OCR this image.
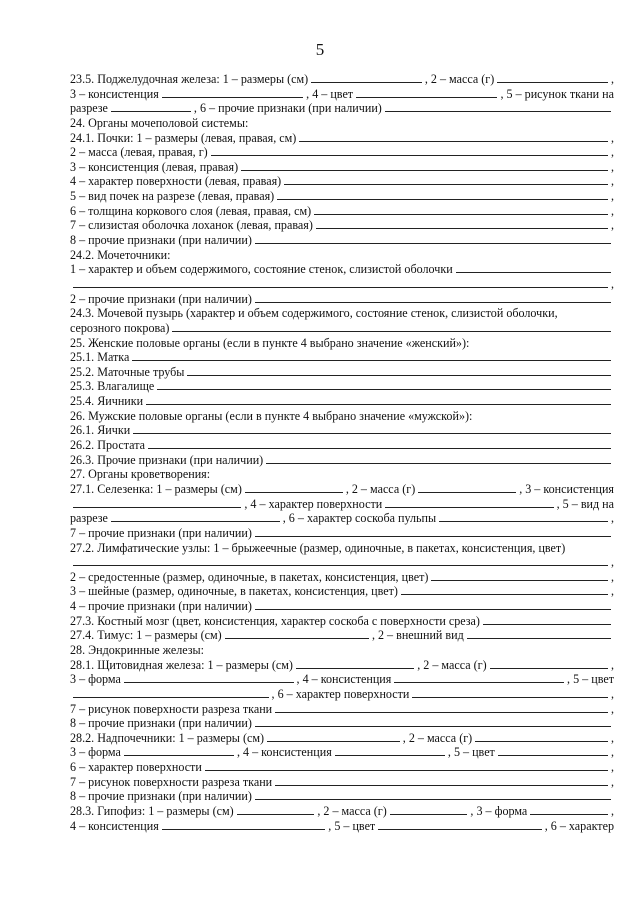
5
23.5. Поджелудочная железа: 1 – размеры (см)	, 2 – масса (г)	,
3 – консистенция	, 4 – цвет	, 5 – рисунок ткани на
разрезе	, 6 – прочие признаки (при наличии)
24. Органы мочеполовой системы:
24.1. Почки: 1 – размеры (левая, правая, см)	,
2 – масса (левая, правая, г)	,
3 – консистенция (левая, правая)	,
4 – характер поверхности (левая, правая)	,
5 – вид почек на разрезе (левая, правая)	,
6 – толщина коркового слоя (левая, правая, см)	,
7 – слизистая оболочка лоханок (левая, правая)	,
8 – прочие признаки (при наличии)
24.2. Мочеточники:
1 – характер и объем содержимого, состояние стенок, слизистой оболочки
,
2 – прочие признаки (при наличии)
24.3. Мочевой пузырь (характер и объем содержимого, состояние стенок, слизистой оболочки,
серозного покрова)
25. Женские половые органы (если в пункте 4 выбрано значение «женский»):
25.1. Матка
25.2. Маточные трубы
25.3. Влагалище
25.4. Яичники
26. Мужские половые органы (если в пункте 4 выбрано значение «мужской»):
26.1. Яички
26.2. Простата
26.3. Прочие признаки (при наличии)
27. Органы кроветворения:
27.1. Селезенка: 1 – размеры (см)	, 2 – масса (г)	, 3 – консистенция
, 4 – характер поверхности	, 5 – вид на
разрезе	, 6 – характер соскоба пульпы	,
7 – прочие признаки (при наличии)
27.2. Лимфатические узлы: 1 – брыжеечные (размер, одиночные, в пакетах, консистенция, цвет)
,
2 – средостенные (размер, одиночные, в пакетах, консистенция, цвет)	,
3 – шейные (размер, одиночные, в пакетах, консистенция, цвет)	,
4 – прочие признаки (при наличии)
27.3. Костный мозг (цвет, консистенция, характер соскоба с поверхности среза)
27.4. Тимус: 1 – размеры (см)	, 2 – внешний вид
28. Эндокринные железы:
28.1. Щитовидная железа: 1 – размеры (см)	, 2 – масса (г)	,
3 – форма	, 4 – консистенция	, 5 – цвет
, 6 – характер поверхности	,
7 – рисунок поверхности разреза ткани	,
8 – прочие признаки (при наличии)
28.2. Надпочечники: 1 – размеры (см)	, 2 – масса (г)	,
3 – форма	, 4 – консистенция	, 5 – цвет	,
6 – характер поверхности	,
7 – рисунок поверхности разреза ткани	,
8 – прочие признаки (при наличии)
28.3. Гипофиз: 1 – размеры (см)	, 2 – масса (г)	, 3 – форма	,
4 – консистенция	, 5 – цвет	, 6 – характер
